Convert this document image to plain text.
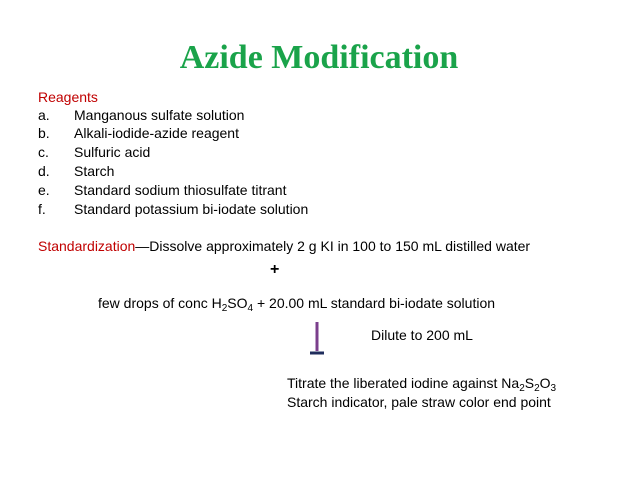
Azide Modification
Reagents
a. Manganous sulfate solution
b. Alkali-iodide-azide reagent
c. Sulfuric acid
d. Starch
e. Standard sodium thiosulfate titrant
f. Standard potassium bi-iodate solution
Standardization—Dissolve approximately 2 g KI in 100 to 150 mL distilled water
+
few drops of conc $H_2SO_4 + 20.00$ mL standard bi-iodate solution
Dilute to 200 mL
Titrate the liberated iodine against $Na_2S_2O_3$
Starch indicator, pale straw color end point
